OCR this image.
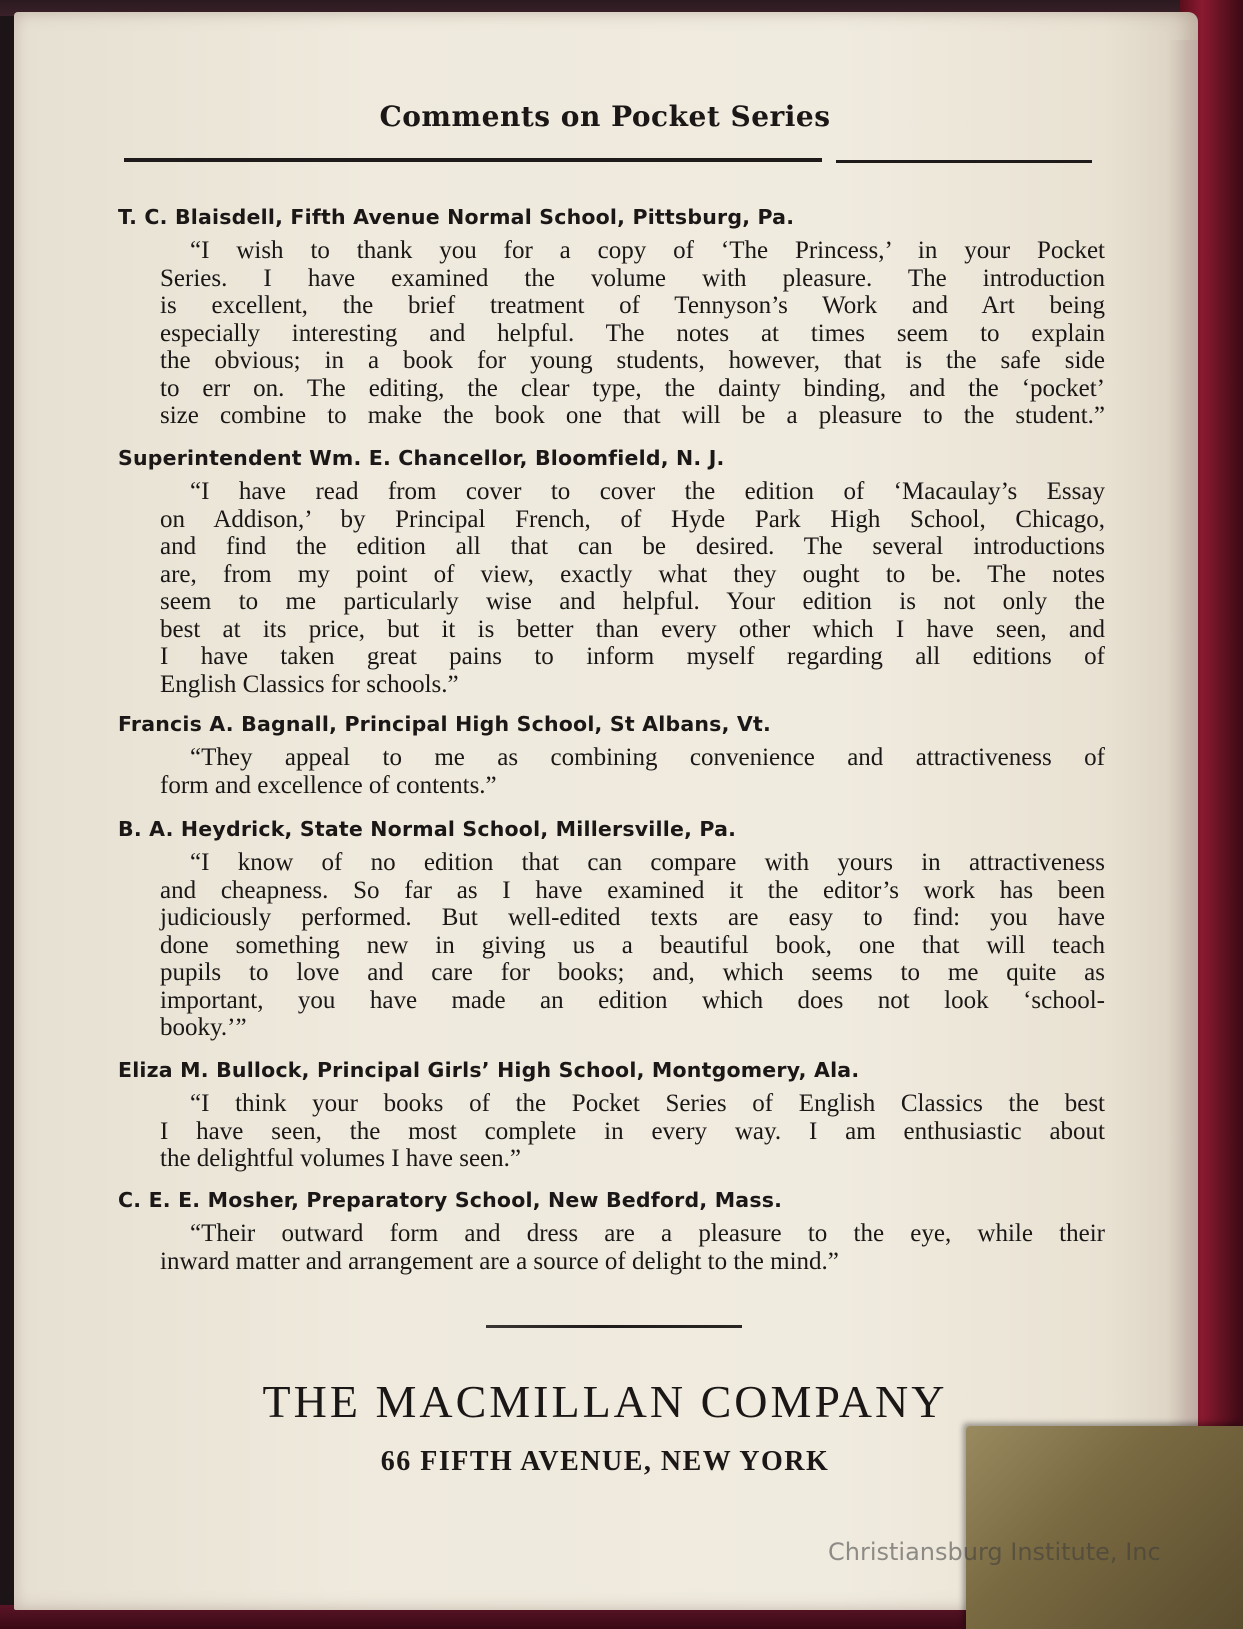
Comments on Pocket Series
T. C. Blaisdell, Fifth Avenue Normal School, Pittsburg, Pa.
“I wish to thank you for a copy of ‘The Princess,’ in your Pocket
Series. I have examined the volume with pleasure. The introduction
is excellent, the brief treatment of Tennyson’s Work and Art being
especially interesting and helpful. The notes at times seem to explain
the obvious; in a book for young students, however, that is the safe side
to err on. The editing, the clear type, the dainty binding, and the ‘pocket’
size combine to make the book one that will be a pleasure to the student.”
Superintendent Wm. E. Chancellor, Bloomfield, N. J.
“I have read from cover to cover the edition of ‘Macaulay’s Essay
on Addison,’ by Principal French, of Hyde Park High School, Chicago,
and find the edition all that can be desired. The several introductions
are, from my point of view, exactly what they ought to be. The notes
seem to me particularly wise and helpful. Your edition is not only the
best at its price, but it is better than every other which I have seen, and
I have taken great pains to inform myself regarding all editions of
English Classics for schools.”
Francis A. Bagnall, Principal High School, St Albans, Vt.
“They appeal to me as combining convenience and attractiveness of
form and excellence of contents.”
B. A. Heydrick, State Normal School, Millersville, Pa.
“I know of no edition that can compare with yours in attractiveness
and cheapness. So far as I have examined it the editor’s work has been
judiciously performed. But well-edited texts are easy to find: you have
done something new in giving us a beautiful book, one that will teach
pupils to love and care for books; and, which seems to me quite as
important, you have made an edition which does not look ‘school-
booky.’”
Eliza M. Bullock, Principal Girls’ High School, Montgomery, Ala.
“I think your books of the Pocket Series of English Classics the best
I have seen, the most complete in every way. I am enthusiastic about
the delightful volumes I have seen.”
C. E. E. Mosher, Preparatory School, New Bedford, Mass.
“Their outward form and dress are a pleasure to the eye, while their
inward matter and arrangement are a source of delight to the mind.”
THE MACMILLAN COMPANY
66 FIFTH AVENUE, NEW YORK
Christiansburg Institute, Inc
